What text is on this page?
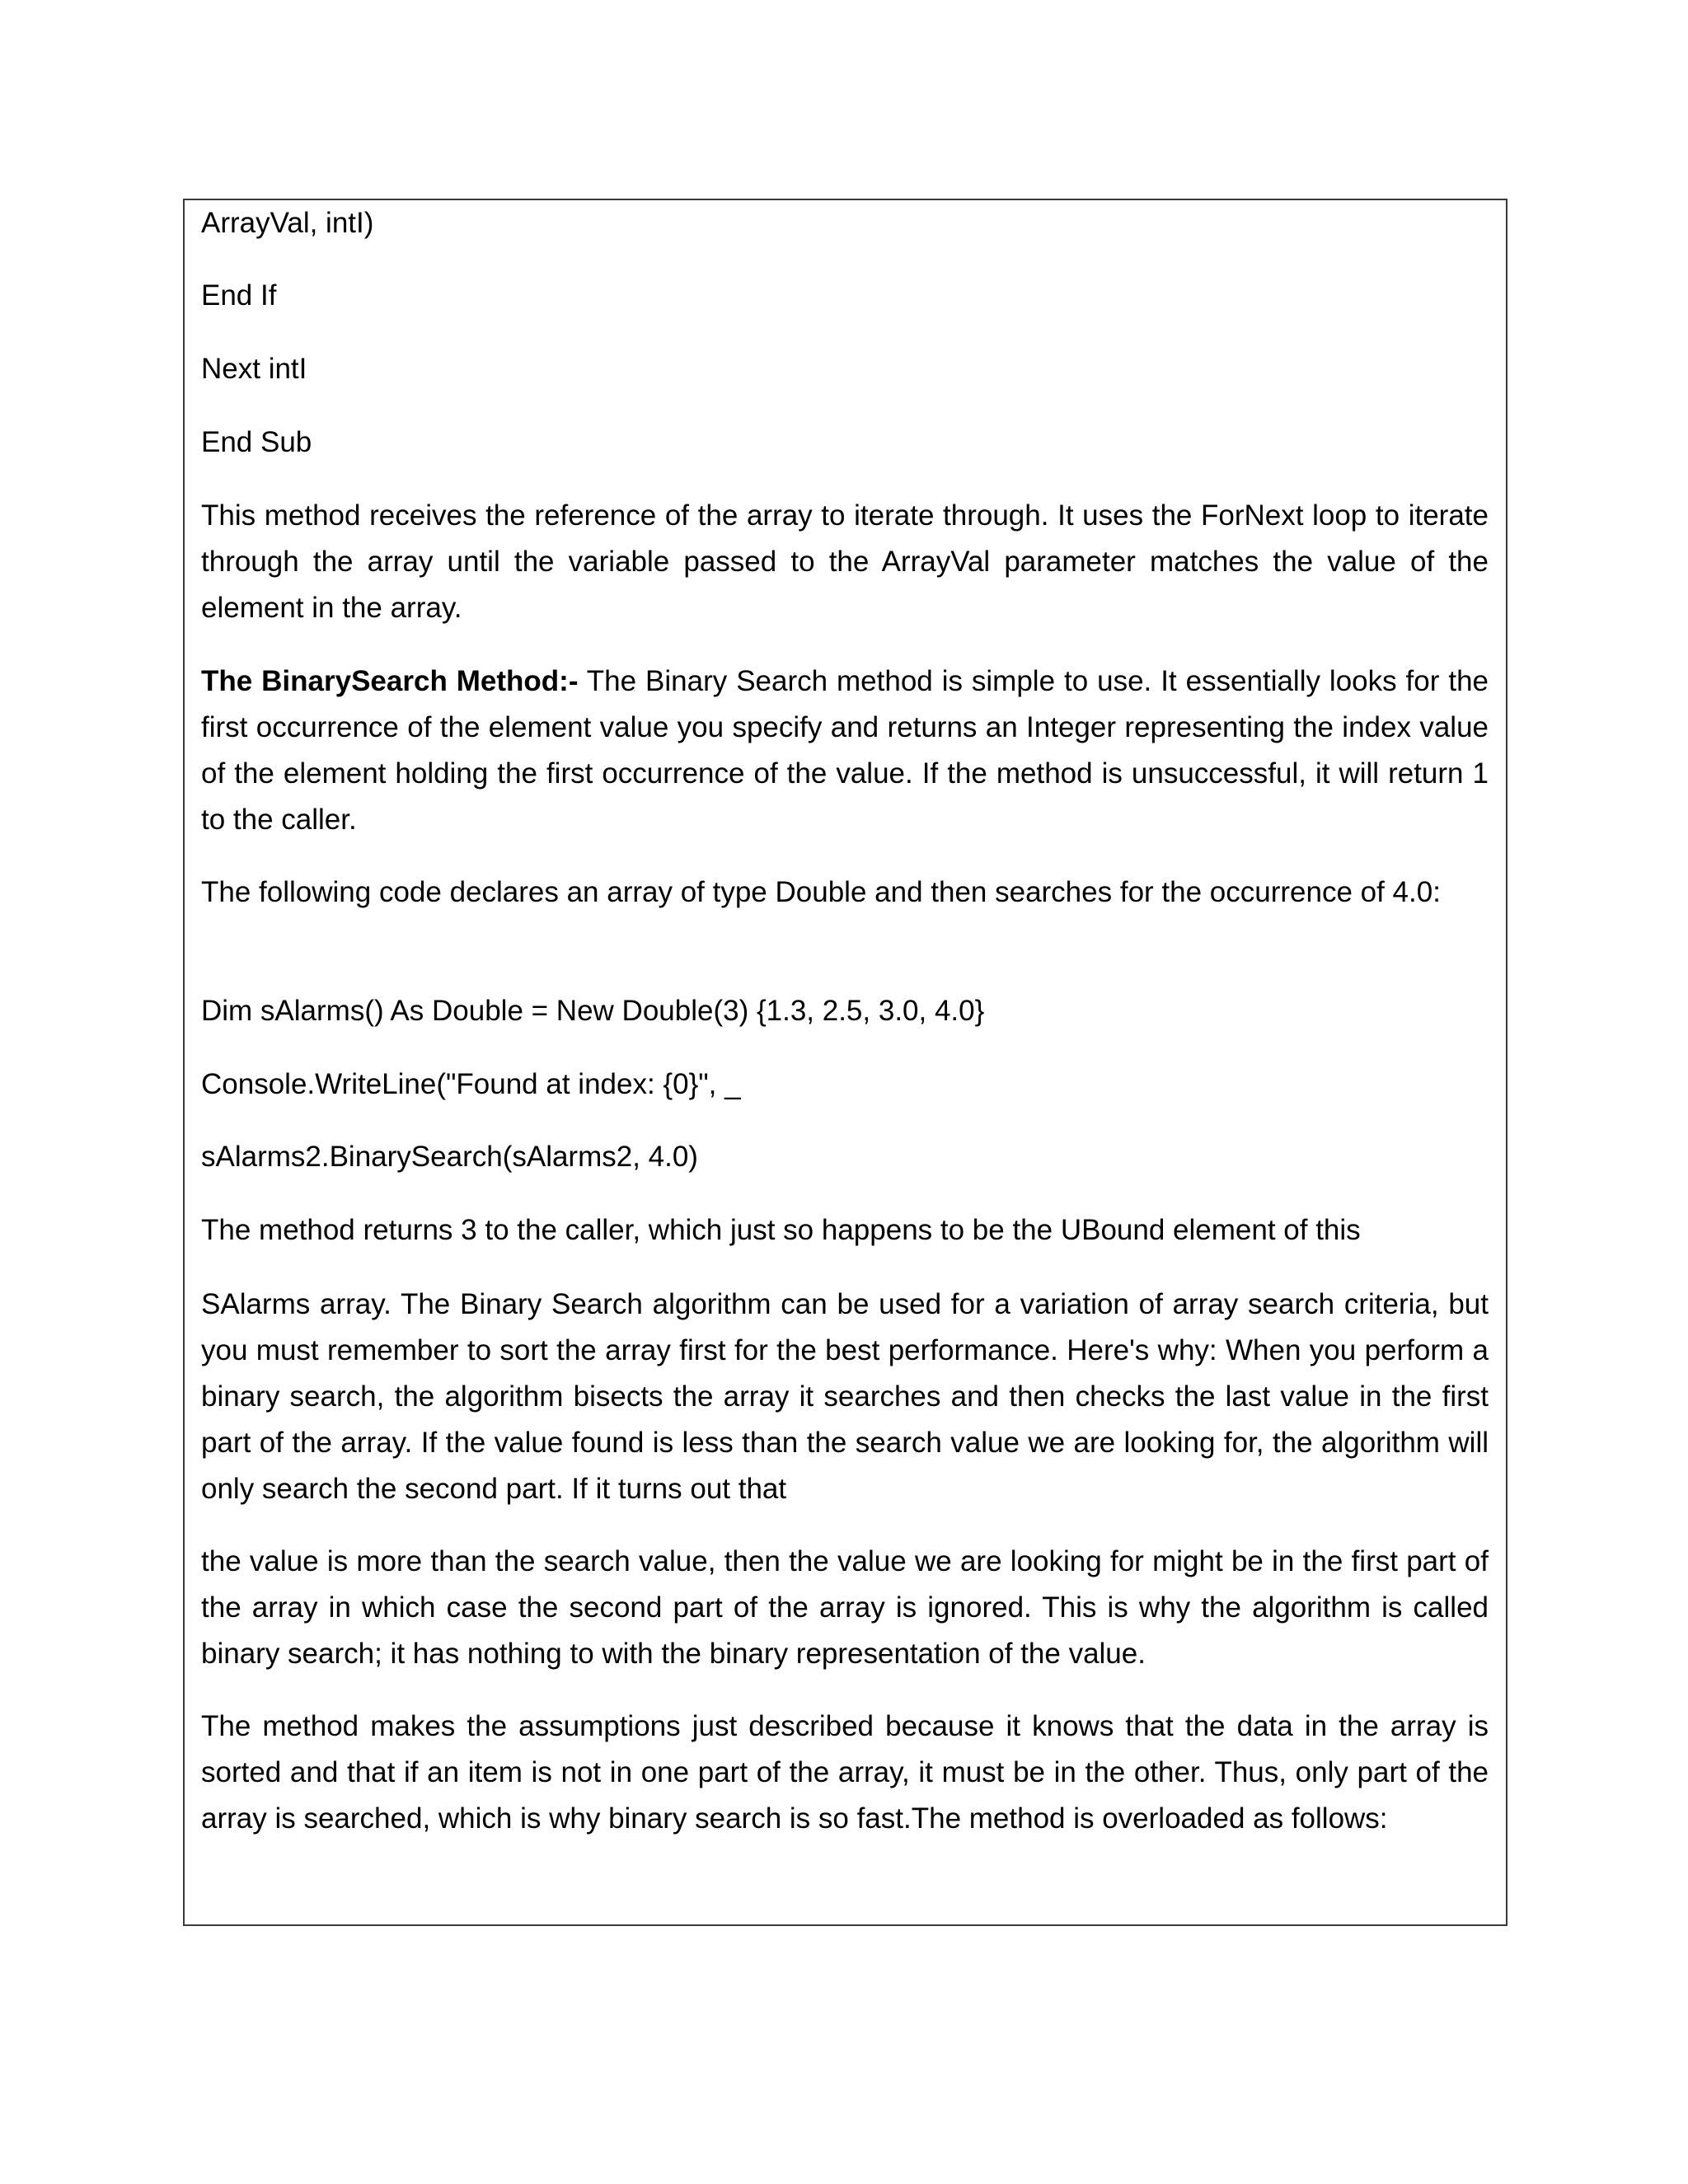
ArrayVal, intI)
End If
Next intI
End Sub
This method receives the reference of the array to iterate through. It uses the ForNext loop to iterate through the array until the variable passed to the ArrayVal parameter matches the value of the element in the array.
The BinarySearch Method:- The Binary Search method is simple to use. It essentially looks for the first occurrence of the element value you specify and returns an Integer representing the index value of the element holding the first occurrence of the value. If the method is unsuccessful, it will return 1 to the caller.
The following code declares an array of type Double and then searches for the occurrence of 4.0:
Dim sAlarms() As Double = New Double(3) {1.3, 2.5, 3.0, 4.0}
Console.WriteLine("Found at index: {0}", _
sAlarms2.BinarySearch(sAlarms2, 4.0)
The method returns 3 to the caller, which just so happens to be the UBound element of this
SAlarms array. The Binary Search algorithm can be used for a variation of array search criteria, but you must remember to sort the array first for the best performance. Here's why: When you perform a binary search, the algorithm bisects the array it searches and then checks the last value in the first part of the array. If the value found is less than the search value we are looking for, the algorithm will only search the second part. If it turns out that
the value is more than the search value, then the value we are looking for might be in the first part of the array in which case the second part of the array is ignored. This is why the algorithm is called binary search; it has nothing to with the binary representation of the value.
The method makes the assumptions just described because it knows that the data in the array is sorted and that if an item is not in one part of the array, it must be in the other. Thus, only part of the array is searched, which is why binary search is so fast.The method is overloaded as follows:
